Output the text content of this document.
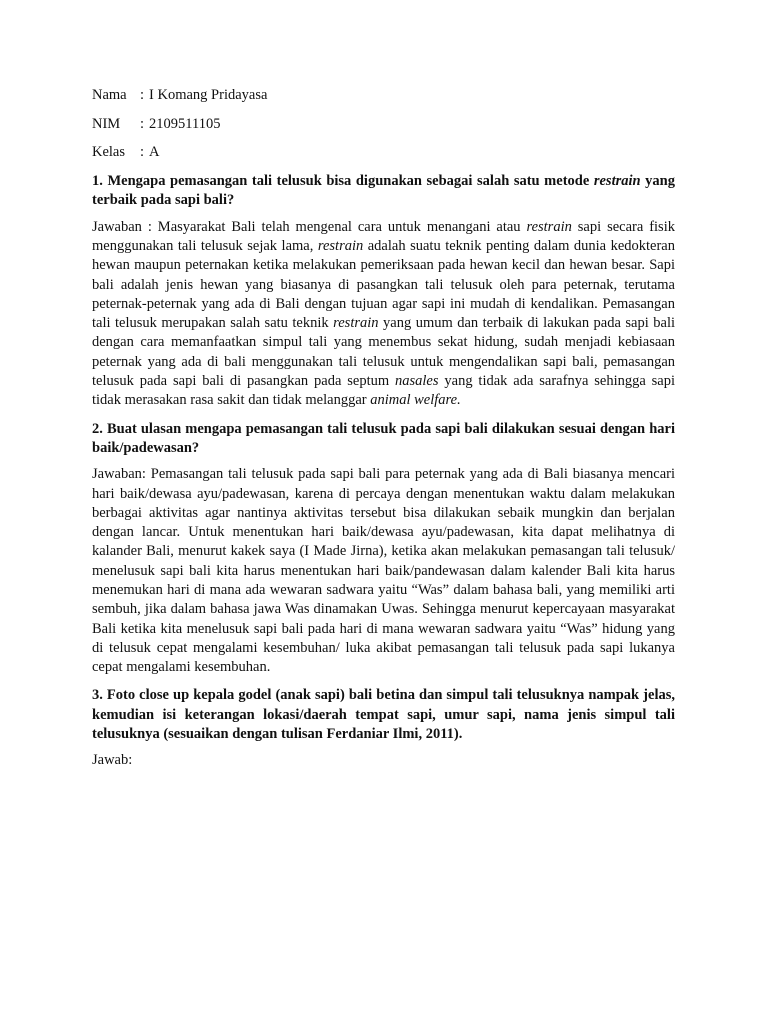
Nama : I Komang Pridayasa
NIM	: 2109511105
Kelas	: A

1. Mengapa pemasangan tali telusuk bisa digunakan sebagai salah satu metode restrain yang terbaik pada sapi bali?

Jawaban : Masyarakat Bali telah mengenal cara untuk menangani atau restrain sapi secara fisik menggunakan tali telusuk sejak lama, restrain adalah suatu teknik penting dalam dunia kedokteran hewan maupun peternakan ketika melakukan pemeriksaan pada hewan kecil dan hewan besar. Sapi bali adalah jenis hewan yang biasanya di pasangkan tali telusuk oleh para peternak, terutama peternak-peternak yang ada di Bali dengan tujuan agar sapi ini mudah di kendalikan. Pemasangan tali telusuk merupakan salah satu teknik restrain yang umum dan terbaik di lakukan pada sapi bali dengan cara memanfaatkan simpul tali yang menembus sekat hidung, sudah menjadi kebiasaan peternak yang ada di bali menggunakan tali telusuk untuk mengendalikan sapi bali, pemasangan telusuk pada sapi bali di pasangkan pada septum nasales yang tidak ada sarafnya sehingga sapi tidak merasakan rasa sakit dan tidak melanggar animal welfare.

2. Buat ulasan mengapa pemasangan tali telusuk pada sapi bali dilakukan sesuai dengan hari baik/padewasan?

Jawaban: Pemasangan tali telusuk pada sapi bali para peternak yang ada di Bali biasanya mencari hari baik/dewasa ayu/padewasan, karena di percaya dengan menentukan waktu dalam melakukan berbagai aktivitas agar nantinya aktivitas tersebut bisa dilakukan sebaik mungkin dan berjalan dengan lancar. Untuk menentukan hari baik/dewasa ayu/padewasan, kita dapat melihatnya di kalander Bali, menurut kakek saya (I Made Jirna), ketika akan melakukan pemasangan tali telusuk/ menelusuk sapi bali kita harus menentukan hari baik/pandewasan dalam kalender Bali kita harus menemukan hari di mana ada wewaran sadwara yaitu “Was” dalam bahasa bali, yang memiliki arti sembuh, jika dalam bahasa jawa Was dinamakan Uwas. Sehingga menurut kepercayaan masyarakat Bali ketika kita menelusuk sapi bali pada hari di mana wewaran sadwara yaitu “Was” hidung yang di telusuk cepat mengalami kesembuhan/ luka akibat pemasangan tali telusuk pada sapi lukanya cepat mengalami kesembuhan.

3. Foto close up kepala godel (anak sapi) bali betina dan simpul tali telusuknya nampak jelas, kemudian isi keterangan lokasi/daerah tempat sapi, umur sapi, nama jenis simpul tali telusuknya (sesuaikan dengan tulisan Ferdaniar Ilmi, 2011).

Jawab:
